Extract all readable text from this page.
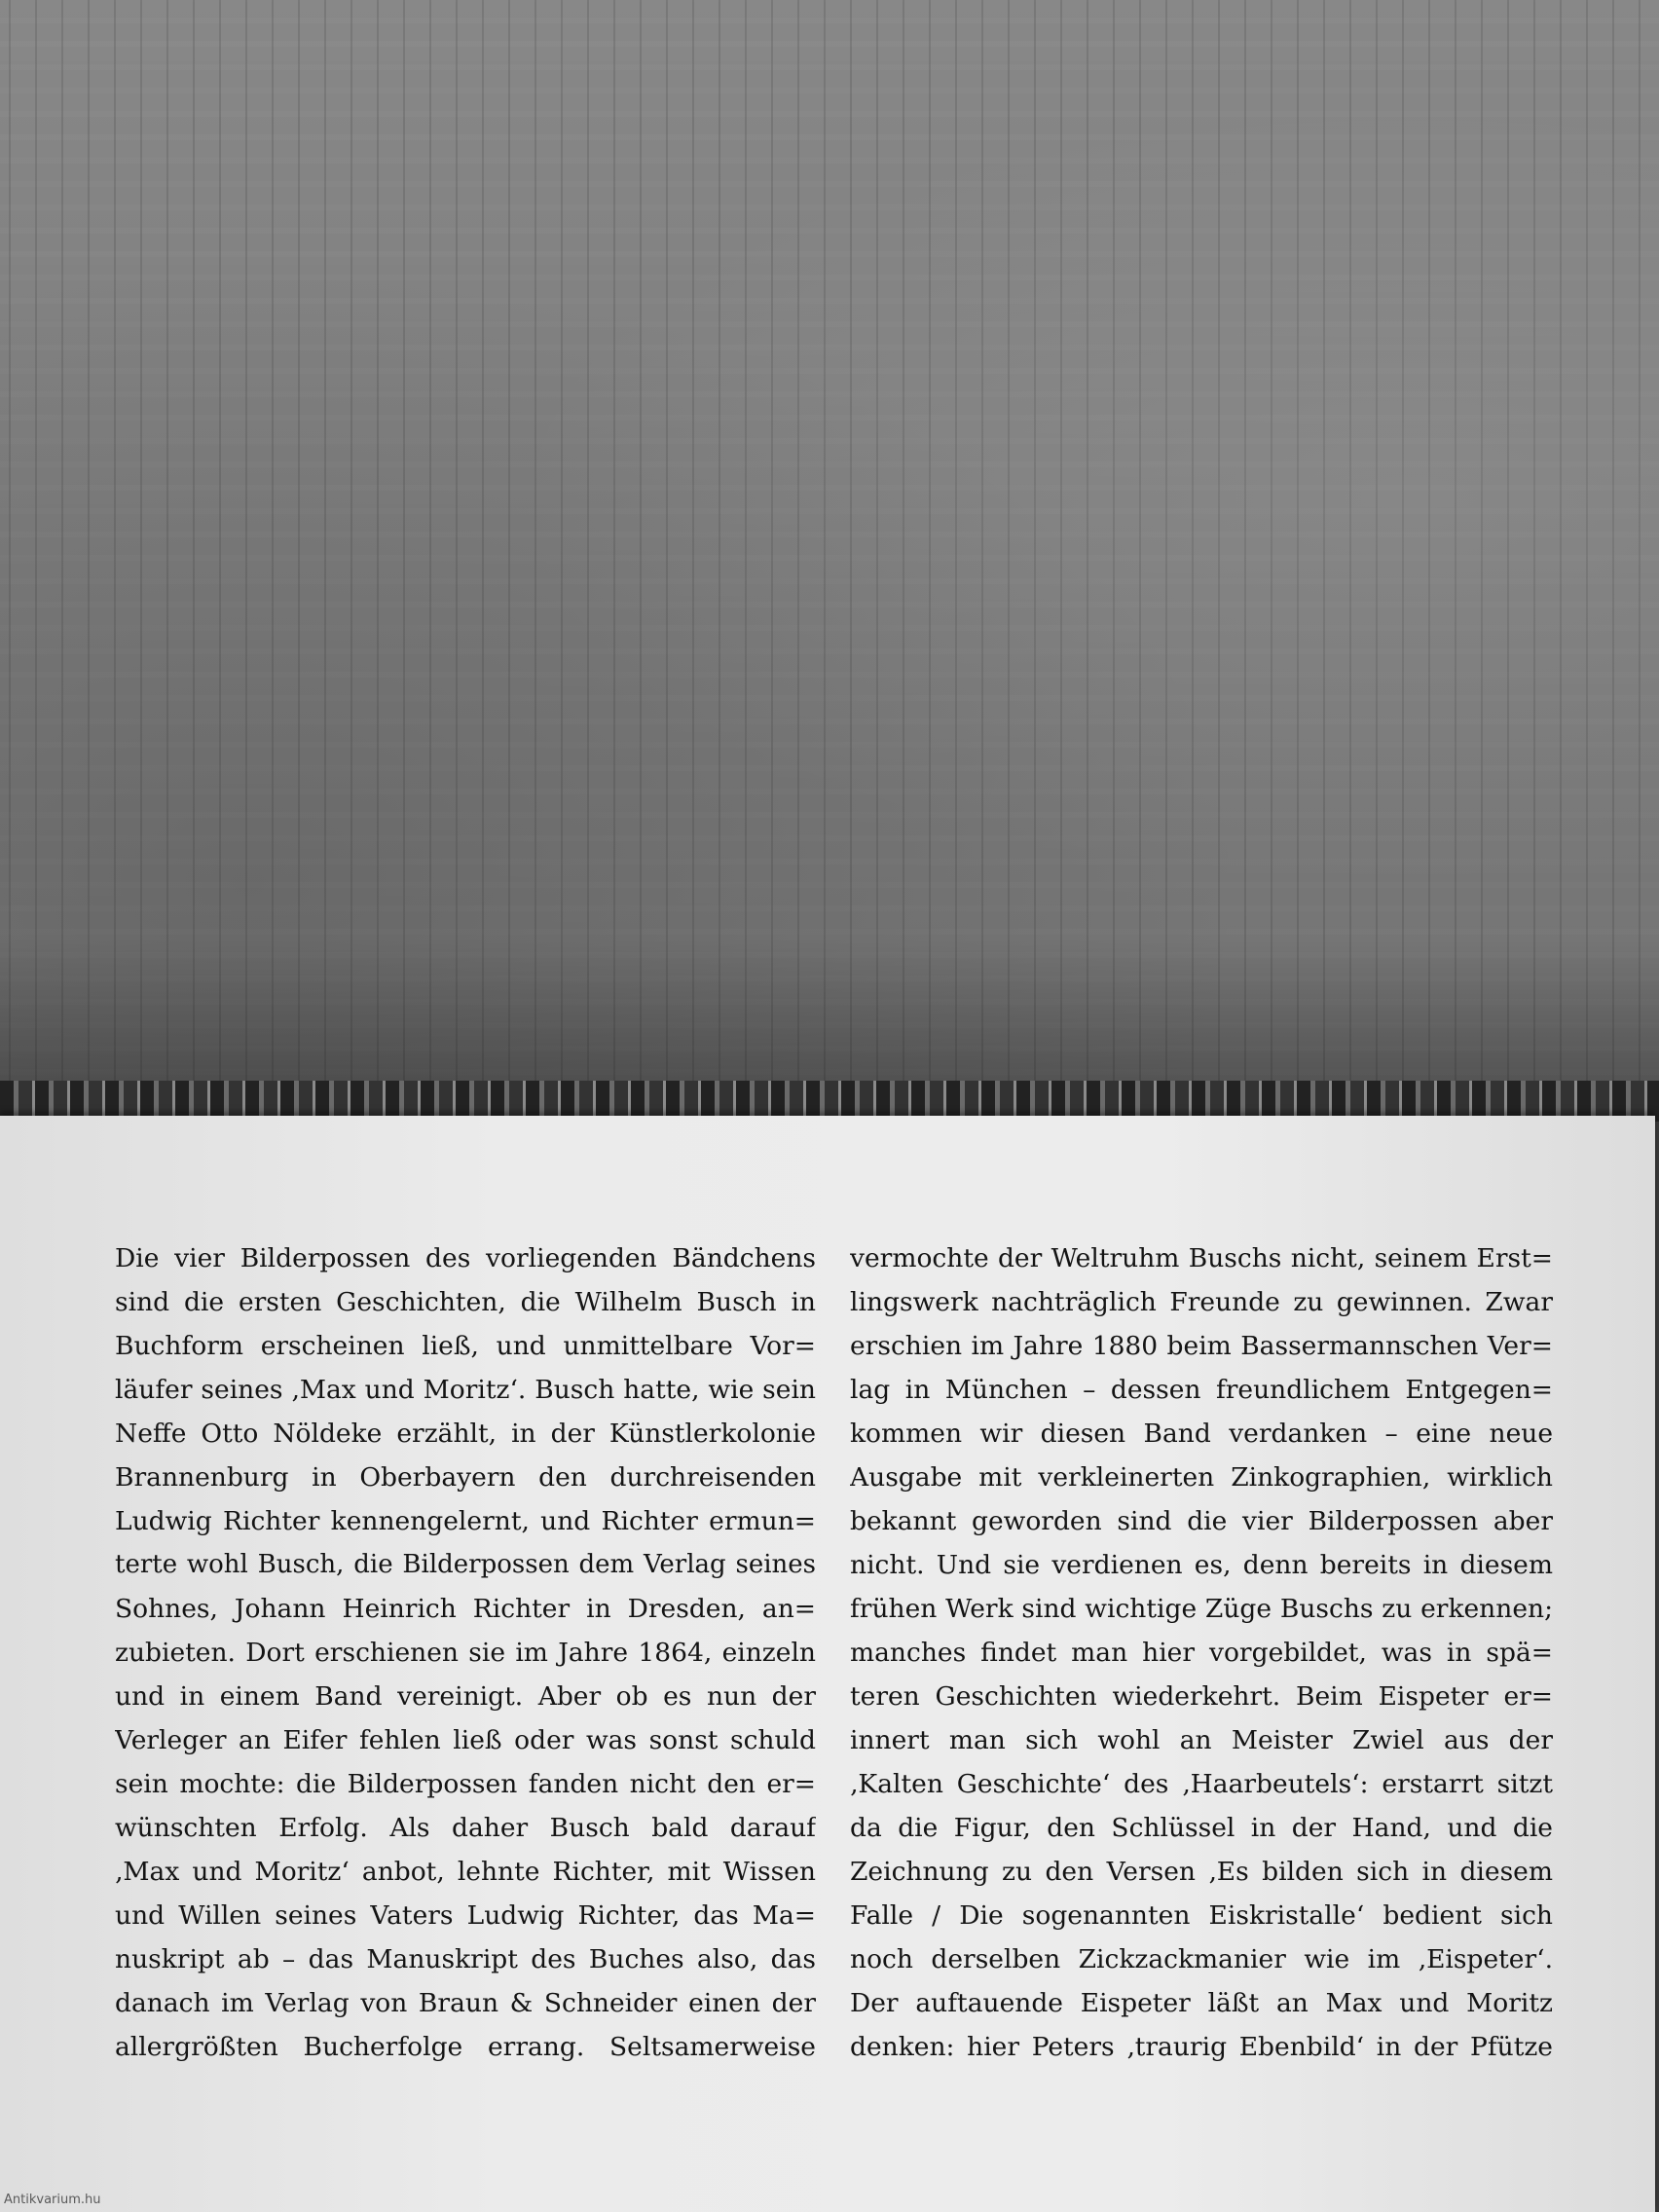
Die vier Bilderpossen des vorliegenden Bändchens
sind die ersten Geschichten, die Wilhelm Busch in
Buchform erscheinen ließ, und unmittelbare Vor=
läufer seines ‚Max und Moritz‘. Busch hatte, wie sein
Neffe Otto Nöldeke erzählt, in der Künstlerkolonie
Brannenburg in Oberbayern den durchreisenden
Ludwig Richter kennengelernt, und Richter ermun=
terte wohl Busch, die Bilderpossen dem Verlag seines
Sohnes, Johann Heinrich Richter in Dresden, an=
zubieten. Dort erschienen sie im Jahre 1864, einzeln
und in einem Band vereinigt. Aber ob es nun der
Verleger an Eifer fehlen ließ oder was sonst schuld
sein mochte: die Bilderpossen fanden nicht den er=
wünschten Erfolg. Als daher Busch bald darauf
‚Max und Moritz‘ anbot, lehnte Richter, mit Wissen
und Willen seines Vaters Ludwig Richter, das Ma=
nuskript ab – das Manuskript des Buches also, das
danach im Verlag von Braun & Schneider einen der
allergrößten Bucherfolge errang. Seltsamerweise
vermochte der Weltruhm Buschs nicht, seinem Erst=
lingswerk nachträglich Freunde zu gewinnen. Zwar
erschien im Jahre 1880 beim Bassermannschen Ver=
lag in München – dessen freundlichem Entgegen=
kommen wir diesen Band verdanken – eine neue
Ausgabe mit verkleinerten Zinkographien, wirklich
bekannt geworden sind die vier Bilderpossen aber
nicht. Und sie verdienen es, denn bereits in diesem
frühen Werk sind wichtige Züge Buschs zu erkennen;
manches findet man hier vorgebildet, was in spä=
teren Geschichten wiederkehrt. Beim Eispeter er=
innert man sich wohl an Meister Zwiel aus der
‚Kalten Geschichte‘ des ‚Haarbeutels‘: erstarrt sitzt
da die Figur, den Schlüssel in der Hand, und die
Zeichnung zu den Versen ‚Es bilden sich in diesem
Falle / Die sogenannten Eiskristalle‘ bedient sich
noch derselben Zickzackmanier wie im ‚Eispeter‘.
Der auftauende Eispeter läßt an Max und Moritz
denken: hier Peters ‚traurig Ebenbild‘ in der Pfütze
Antikvarium.hu
